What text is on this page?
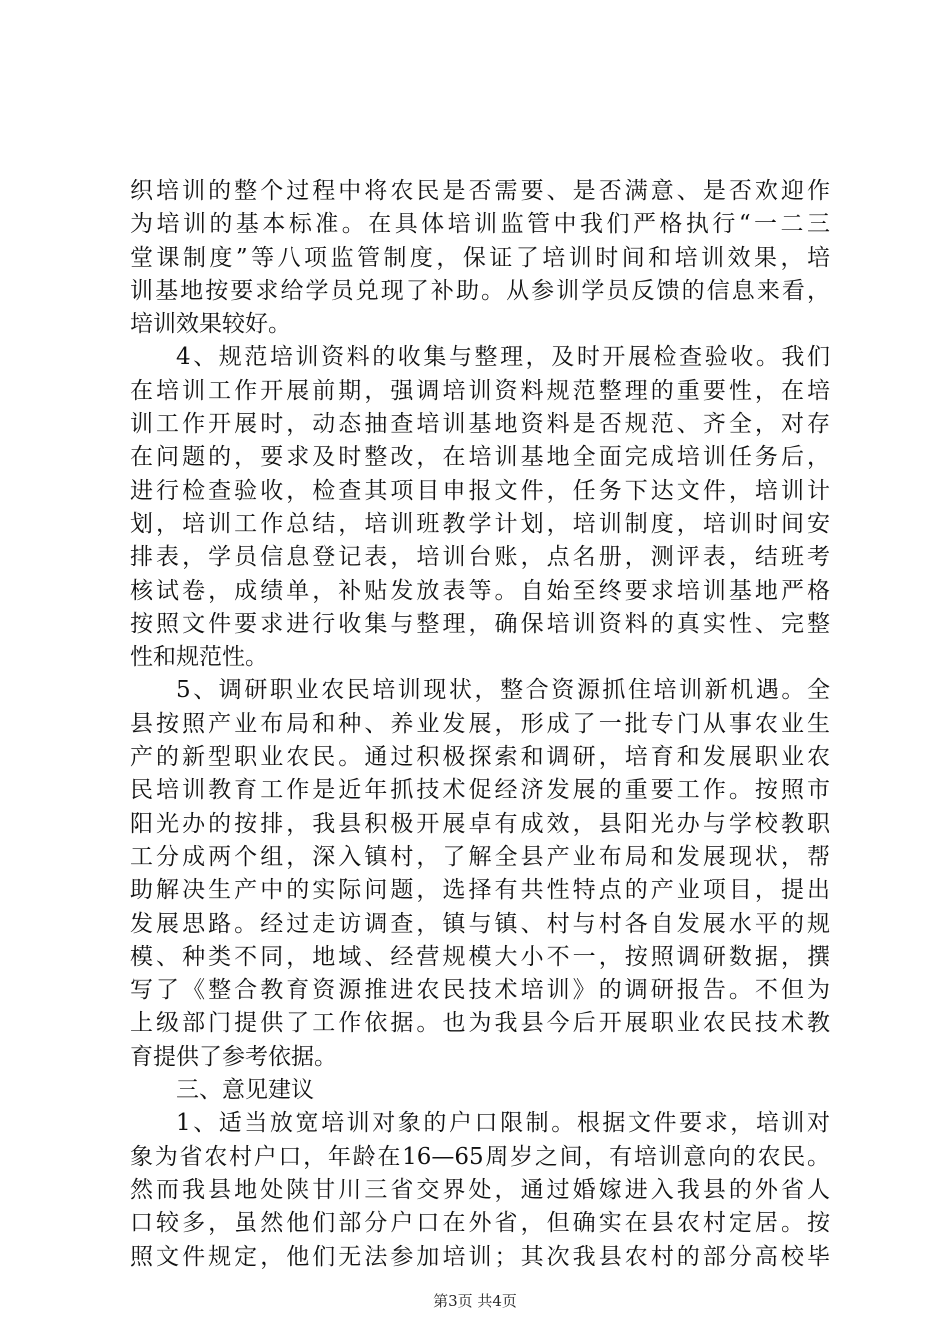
织培训的整个过程中将农民是否需要、是否满意、是否欢迎作
为培训的基本标准。在具体培训监管中我们严格执行“一二三
堂课制度”等八项监管制度，保证了培训时间和培训效果，培
训基地按要求给学员兑现了补助。从参训学员反馈的信息来看，
培训效果较好。
4、规范培训资料的收集与整理，及时开展检查验收。我们
在培训工作开展前期，强调培训资料规范整理的重要性，在培
训工作开展时，动态抽查培训基地资料是否规范、齐全，对存
在问题的，要求及时整改，在培训基地全面完成培训任务后，
进行检查验收，检查其项目申报文件，任务下达文件，培训计
划，培训工作总结，培训班教学计划，培训制度，培训时间安
排表，学员信息登记表，培训台账，点名册，测评表，结班考
核试卷，成绩单，补贴发放表等。自始至终要求培训基地严格
按照文件要求进行收集与整理，确保培训资料的真实性、完整
性和规范性。
5、调研职业农民培训现状，整合资源抓住培训新机遇。全
县按照产业布局和种、养业发展，形成了一批专门从事农业生
产的新型职业农民。通过积极探索和调研，培育和发展职业农
民培训教育工作是近年抓技术促经济发展的重要工作。按照市
阳光办的按排，我县积极开展卓有成效，县阳光办与学校教职
工分成两个组，深入镇村，了解全县产业布局和发展现状，帮
助解决生产中的实际问题，选择有共性特点的产业项目，提出
发展思路。经过走访调查，镇与镇、村与村各自发展水平的规
模、种类不同，地域、经营规模大小不一，按照调研数据，撰
写了《整合教育资源推进农民技术培训》的调研报告。不但为
上级部门提供了工作依据。也为我县今后开展职业农民技术教
育提供了参考依据。
三、意见建议
1、适当放宽培训对象的户口限制。根据文件要求，培训对
象为省农村户口，年龄在16—65周岁之间，有培训意向的农民。
然而我县地处陕甘川三省交界处，通过婚嫁进入我县的外省人
口较多，虽然他们部分户口在外省，但确实在县农村定居。按
照文件规定，他们无法参加培训；其次我县农村的部分高校毕
第3页 共4页
